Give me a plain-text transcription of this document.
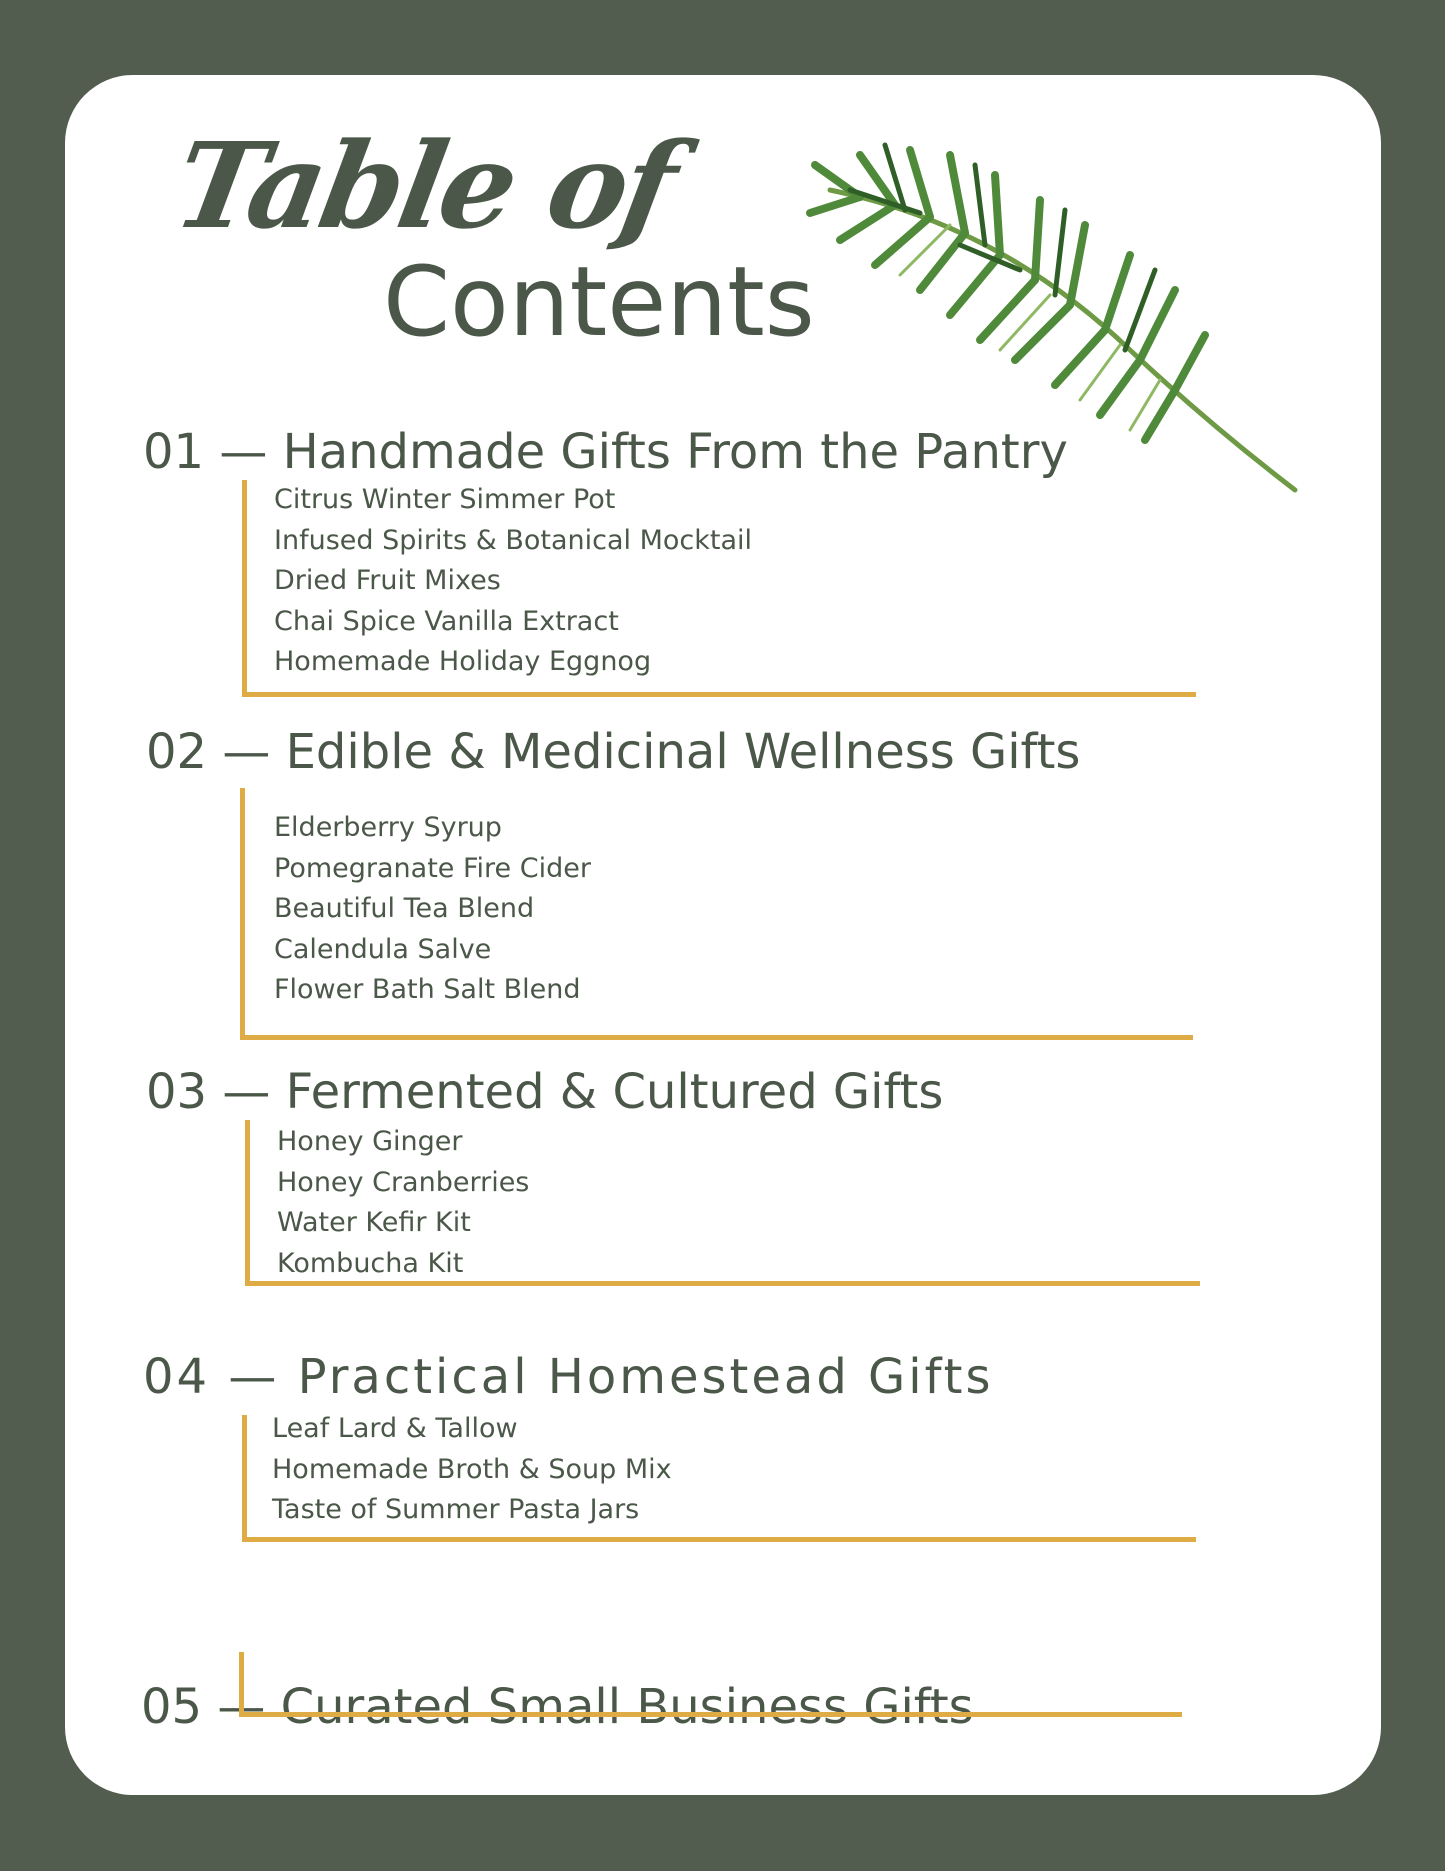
Table of
Contents
01 — Handmade Gifts From the Pantry
Citrus Winter Simmer Pot
Infused Spirits & Botanical Mocktail
Dried Fruit Mixes
Chai Spice Vanilla Extract
Homemade Holiday Eggnog
02 — Edible & Medicinal Wellness Gifts
Elderberry Syrup
Pomegranate Fire Cider
Beautiful Tea Blend
Calendula Salve
Flower Bath Salt Blend
03 — Fermented & Cultured Gifts
Honey Ginger
Honey Cranberries
Water Kefir Kit
Kombucha Kit
04 — Practical Homestead Gifts
Leaf Lard & Tallow
Homemade Broth & Soup Mix
Taste of Summer Pasta Jars
05 — Curated Small Business Gifts
